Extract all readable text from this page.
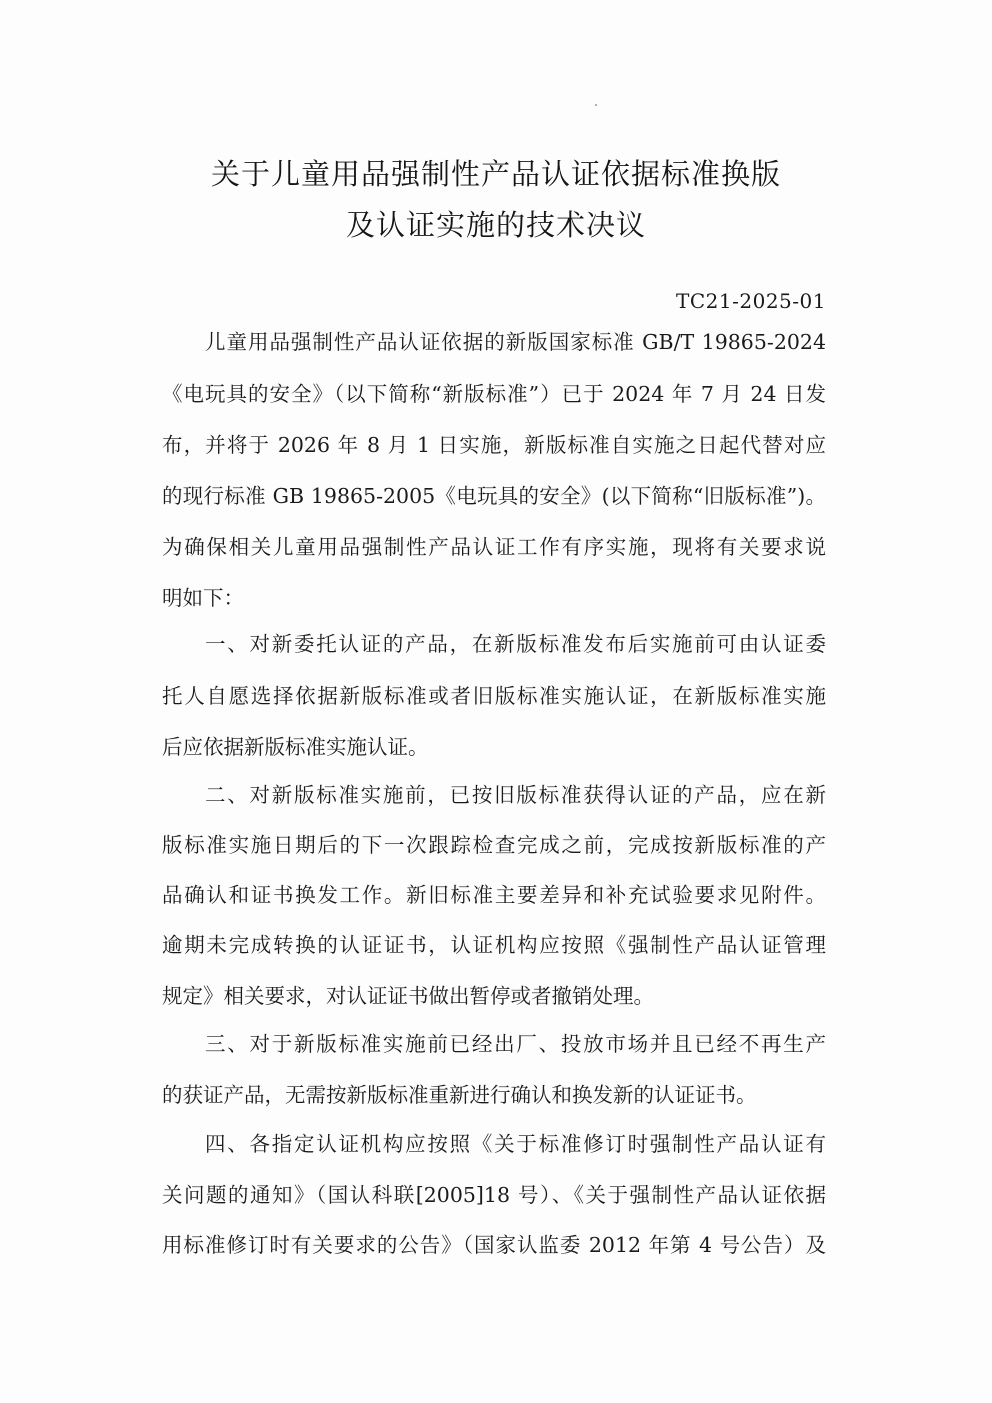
关于儿童用品强制性产品认证依据标准换版
及认证实施的技术决议
TC21-2025-01
儿童用品强制性产品认证依据的新版国家标准 GB/T 19865-2024
《电玩具的安全》（以下简称“新版标准”）已于 2024 年 7 月 24 日发
布，并将于 2026 年 8 月 1 日实施，新版标准自实施之日起代替对应
的现行标准 GB 19865-2005《电玩具的安全》(以下简称“旧版标准”)。
为确保相关儿童用品强制性产品认证工作有序实施，现将有关要求说
明如下：
一、对新委托认证的产品，在新版标准发布后实施前可由认证委
托人自愿选择依据新版标准或者旧版标准实施认证，在新版标准实施
后应依据新版标准实施认证。
二、对新版标准实施前，已按旧版标准获得认证的产品，应在新
版标准实施日期后的下一次跟踪检查完成之前，完成按新版标准的产
品确认和证书换发工作。新旧标准主要差异和补充试验要求见附件。
逾期未完成转换的认证证书，认证机构应按照《强制性产品认证管理
规定》相关要求，对认证证书做出暂停或者撤销处理。
三、对于新版标准实施前已经出厂、投放市场并且已经不再生产
的获证产品，无需按新版标准重新进行确认和换发新的认证证书。
四、各指定认证机构应按照《关于标准修订时强制性产品认证有
关问题的通知》（国认科联[2005]18 号）、《关于强制性产品认证依据
用标准修订时有关要求的公告》（国家认监委 2012 年第 4 号公告）及
